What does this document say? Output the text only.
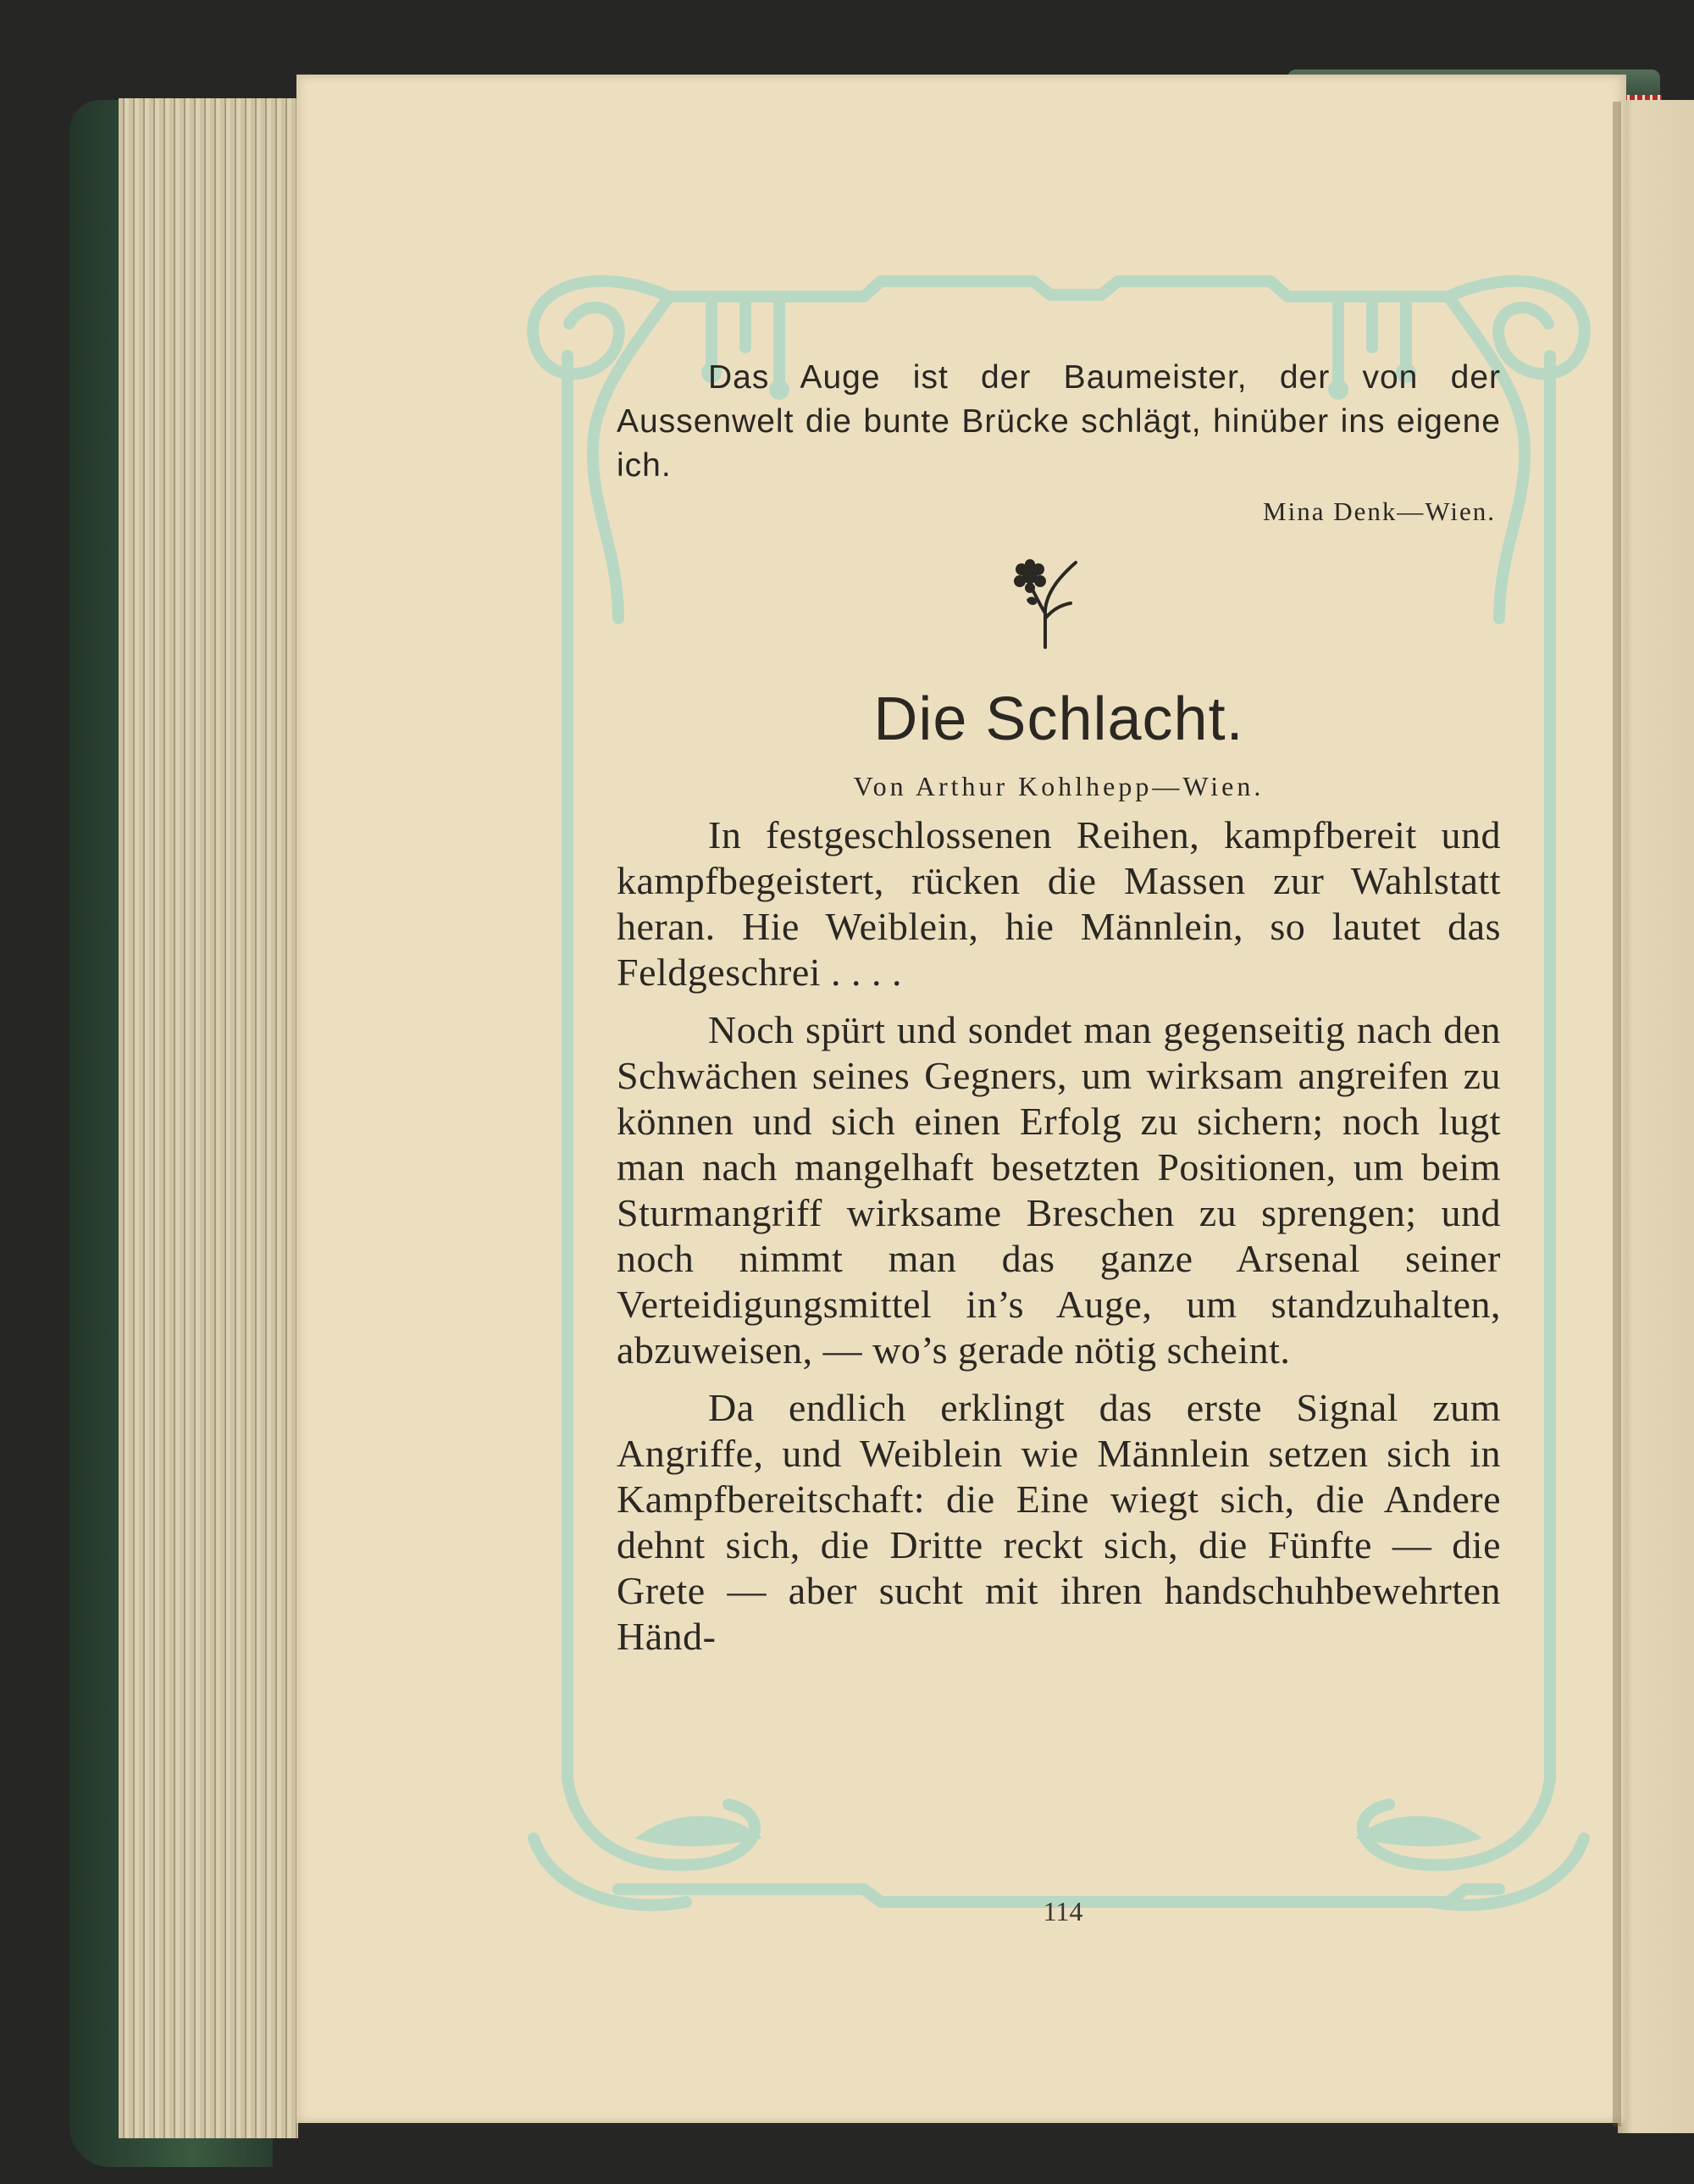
Das Auge ist der Baumeister, der von der Aussenwelt die bunte Brücke schlägt, hinüber ins eigene ich.

Mina Denk—Wien.

Die Schlacht.
Von Arthur Kohlhepp—Wien.

In festgeschlossenen Reihen, kampfbereit und kampfbegeistert, rücken die Massen zur Wahlstatt heran. Hie Weiblein, hie Männlein, so lautet das Feldgeschrei . . . .

Noch spürt und sondet man gegenseitig nach den Schwächen seines Gegners, um wirksam angreifen zu können und sich einen Erfolg zu sichern; noch lugt man nach mangelhaft besetzten Positionen, um beim Sturmangriff wirksame Breschen zu sprengen; und noch nimmt man das ganze Arsenal seiner Verteidigungsmittel in’s Auge, um standzuhalten, abzuweisen, — wo’s gerade nötig scheint.

Da endlich erklingt das erste Signal zum Angriffe, und Weiblein wie Männlein setzen sich in Kampfbereitschaft: die Eine wiegt sich, die Andere dehnt sich, die Dritte reckt sich, die Fünfte — die Grete — aber sucht mit ihren handschuhbewehrten Händ-

114
